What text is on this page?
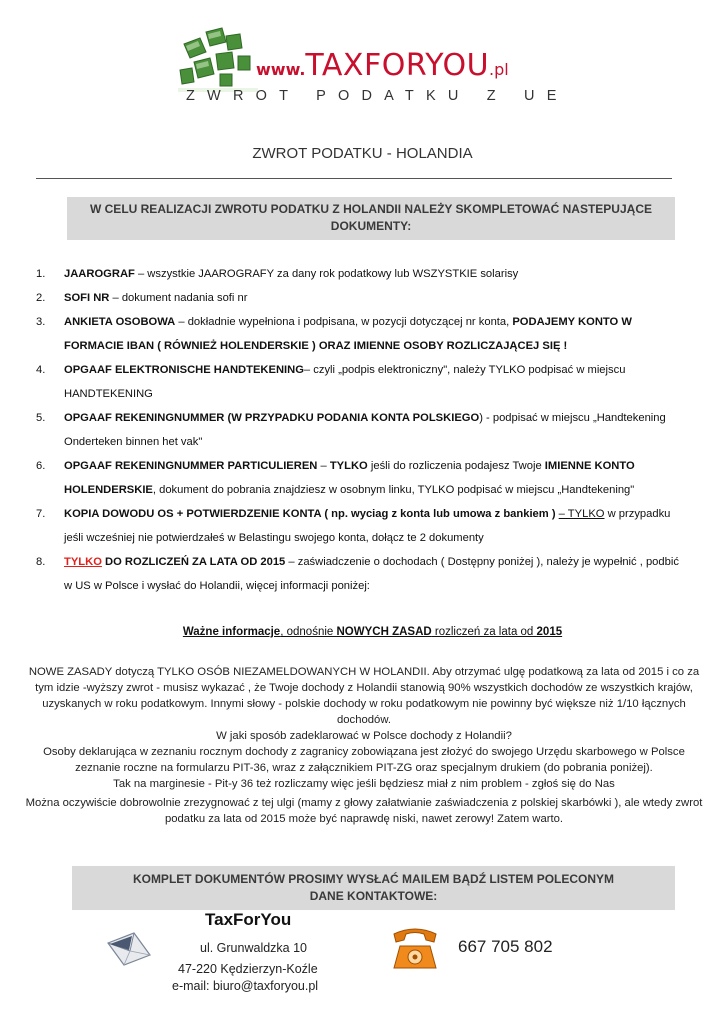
www.TAXFORYOU.pl
ZWROT PODATKU Z UE
ZWROT PODATKU - HOLANDIA
W CELU REALIZACJI ZWROTU PODATKU Z HOLANDII NALEŻY SKOMPLETOWAĆ NASTEPUJĄCE
DOKUMENTY:
1.	JAAROGRAF – wszystkie JAAROGRAFY za dany rok podatkowy lub WSZYSTKIE solarisy
2.	SOFI NR – dokument nadania sofi nr
3.	ANKIETA OSOBOWA – dokładnie wypełniona i podpisana, w pozycji dotyczącej nr konta, PODAJEMY KONTO W FORMACIE IBAN ( RÓWNIEŻ HOLENDERSKIE ) ORAZ IMIENNE OSOBY ROZLICZAJĄCEJ SIĘ !
4.	OPGAAF ELEKTRONISCHE HANDTEKENING– czyli „podpis elektroniczny", należy TYLKO podpisać w miejscu HANDTEKENING
5.	OPGAAF REKENINGNUMMER (W PRZYPADKU PODANIA KONTA POLSKIEGO) - podpisać w miejscu „Handtekening Onderteken binnen het vak"
6.	OPGAAF REKENINGNUMMER PARTICULIEREN – TYLKO jeśli do rozliczenia podajesz Twoje IMIENNE KONTO HOLENDERSKIE, dokument do pobrania znajdziesz w osobnym linku, TYLKO podpisać w miejscu „Handtekening"
7.	KOPIA DOWODU OS + POTWIERDZENIE KONTA ( np. wyciag z konta lub umowa z bankiem ) – TYLKO w przypadku jeśli wcześniej nie potwierdzałeś w Belastingu swojego konta, dołącz te 2 dokumenty
8.	TYLKO DO ROZLICZEŃ ZA LATA OD 2015 – zaświadczenie o dochodach ( Dostępny poniżej ), należy je wypełnić , podbić w US w Polsce i wysłać do Holandii, więcej informacji poniżej:
Ważne informacje, odnośnie NOWYCH ZASAD rozliczeń za lata od 2015

NOWE ZASADY dotyczą TYLKO OSÓB NIEZAMELDOWANYCH W HOLANDII. Aby otrzymać ulgę podatkową za lata od 2015 i co za tym idzie -wyższy zwrot - musisz wykazać , że Twoje dochody z Holandii stanowią 90% wszystkich dochodów ze wszystkich krajów, uzyskanych w roku podatkowym. Innymi słowy - polskie dochody w roku podatkowym nie powinny być większe niż 1/10 łącznych dochodów.

W jaki sposób zadeklarować w Polsce dochody z Holandii?

Osoby deklarująca w zeznaniu rocznym dochody z zagranicy zobowiązana jest złożyć do swojego Urzędu skarbowego w Polsce zeznanie roczne na formularzu PIT-36, wraz z załącznikiem PIT-ZG oraz specjalnym drukiem (do pobrania poniżej).

Tak na marginesie - Pit-y 36 też rozliczamy więc jeśli będziesz miał z nim problem - zgłoś się do Nas

Można oczywiście dobrowolnie zrezygnować z tej ulgi (mamy z głowy załatwianie zaświadczenia z polskiej skarbówki ), ale wtedy zwrot podatku za lata od 2015 może być naprawdę niski, nawet zerowy! Zatem warto.

KOMPLET DOKUMENTÓW PROSIMY WYSŁAĆ MAILEM BĄDŹ LISTEM POLECONYM
DANE KONTAKTOWE:
TaxForYou
ul. Grunwaldzka 10
47-220 Kędzierzyn-Koźle
e-mail: biuro@taxforyou.pl
667 705 802
